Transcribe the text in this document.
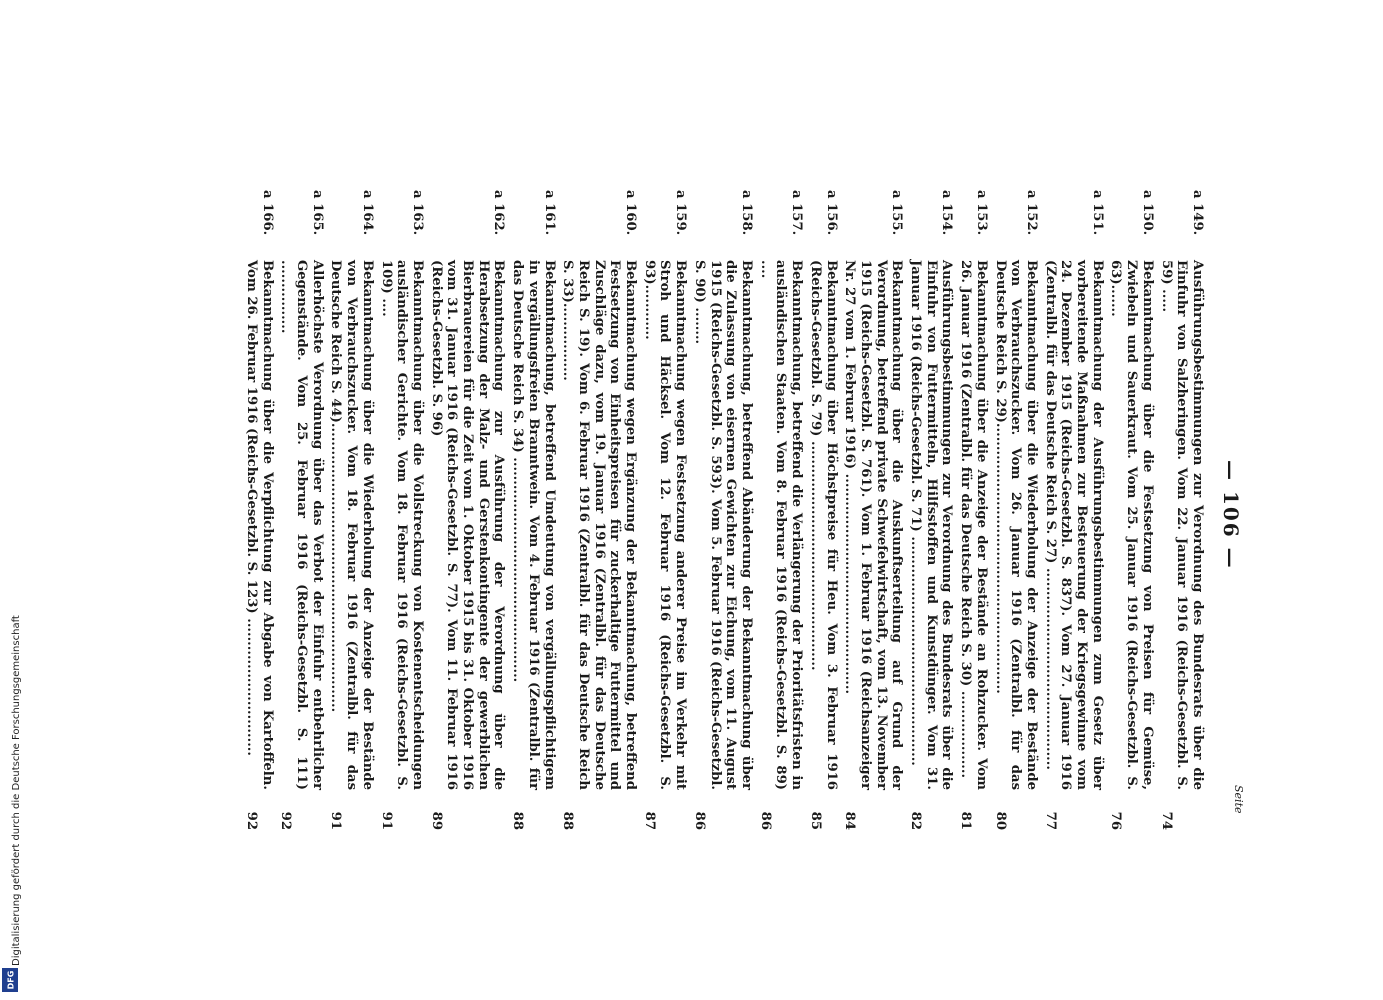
Digitalisierung gefördert durch die Deutsche Forschungsgemeinschaft
DFG
— 106 —
Seite
a 149.
Ausführungsbestimmungen zur Verordnung des Bundesrats über die Einfuhr von Salzheringen. Vom 22. Januar 1916 (Reichs-Gesetzbl. S. 59) .....
74
a 150.
Bekanntmachung über die Festsetzung von Preisen für Gemüse, Zwiebeln und Sauerkraut. Vom 25. Januar 1916 (Reichs-Gesetzbl. S. 63).......
76
a 151.
Bekanntmachung der Ausführungsbestimmungen zum Gesetz über vorbereitende Maßnahmen zur Besteuerung der Kriegsgewinne vom 24. Dezember 1915 (Reichs-Gesetzbl. S. 837). Vom 27. Januar 1916 (Zentralbl. für das Deutsche Reich S. 27) ............................................
77
a 152.
Bekanntmachung über die Wiederholung der Anzeige der Bestände von Verbrauchszucker. Vom 26. Januar 1916 (Zentralbl. für das Deutsche Reich S. 29)...........................................................
80
a 153.
Bekanntmachung über die Anzeige der Bestände an Rohzucker. Vom 26. Januar 1916 (Zentralbl. für das Deutsche Reich S. 30) ...................
81
a 154.
Ausführungsbestimmungen zur Verordnung des Bundesrats über die Einfuhr von Futtermitteln, Hilfsstoffen und Kunstdünger. Vom 31. Januar 1916 (Reichs-Gesetzbl. S. 71) ..................................................
82
a 155.
Bekanntmachung über die Auskunftserteilung auf Grund der Verordnung, betreffend private Schwefelwirtschaft, vom 13. November 1915 (Reichs-Gesetzbl. S. 761). Vom 1. Februar 1916 (Reichsanzeiger Nr. 27 vom 1. Februar 1916) ................................................
84
a 156.
Bekanntmachung über Höchstpreise für Heu. Vom 3. Februar 1916 (Reichs-Gesetzbl. S. 79) ..................................................
85
a 157.
Bekanntmachung, betreffend die Verlängerung der Prioritätsfristen in ausländischen Staaten. Vom 8. Februar 1916 (Reichs-Gesetzbl. S. 89) ....
86
a 158.
Bekanntmachung, betreffend Abänderung der Bekanntmachung über die Zulassung von eisernen Gewichten zur Eichung, vom 11. August 1915 (Reichs-Gesetzbl. S. 593). Vom 5. Februar 1916 (Reichs-Gesetzbl. S. 90) ........
86
a 159.
Bekanntmachung wegen Festsetzung anderer Preise im Verkehr mit Stroh und Häcksel. Vom 12. Februar 1916 (Reichs-Gesetzbl. S. 93)............
87
a 160.
Bekanntmachung wegen Ergänzung der Bekanntmachung, betreffend Festsetzung von Einheitspreisen für zuckerhaltige Futtermittel und Zuschläge dazu, vom 19. Januar 1916 (Zentralbl. für das Deutsche Reich S. 19). Vom 6. Februar 1916 (Zentralbl. für das Deutsche Reich S. 33).................
88
a 161.
Bekanntmachung, betreffend Umdeutung von vergällungspflichtigem in vergällungsfreien Branntwein. Vom 4. Februar 1916 (Zentralbl. für das Deutsche Reich S. 34) .................................................
88
a 162.
Bekanntmachung zur Ausführung der Verordnung über die Herabsetzung der Malz- und Gerstenkontingente der gewerblichen Bierbrauereien für die Zeit vom 1. Oktober 1915 bis 31. Oktober 1916 vom 31. Januar 1916 (Reichs-Gesetzbl. S. 77). Vom 11. Februar 1916 (Reichs-Gesetzbl. S. 96)
89
a 163.
Bekanntmachung über die Vollstreckung von Kostenentscheidungen ausländischer Gerichte. Vom 18. Februar 1916 (Reichs-Gesetzbl. S. 109) ....
91
a 164.
Bekanntmachung über die Wiederholung der Anzeige der Bestände von Verbrauchszucker. Vom 18. Februar 1916 (Zentralbl. für das Deutsche Reich S. 44)...............................................................
91
a 165.
Allerhöchste Verordnung über das Verbot der Einfuhr entbehrlicher Gegenstände. Vom 25. Februar 1916 (Reichs-Gesetzbl. S. 111) ................
92
a 166.
Bekanntmachung über die Verpflichtung zur Abgabe von Kartoffeln. Vom 26. Februar 1916 (Reichs-Gesetzbl. S. 123) ..............................
92
